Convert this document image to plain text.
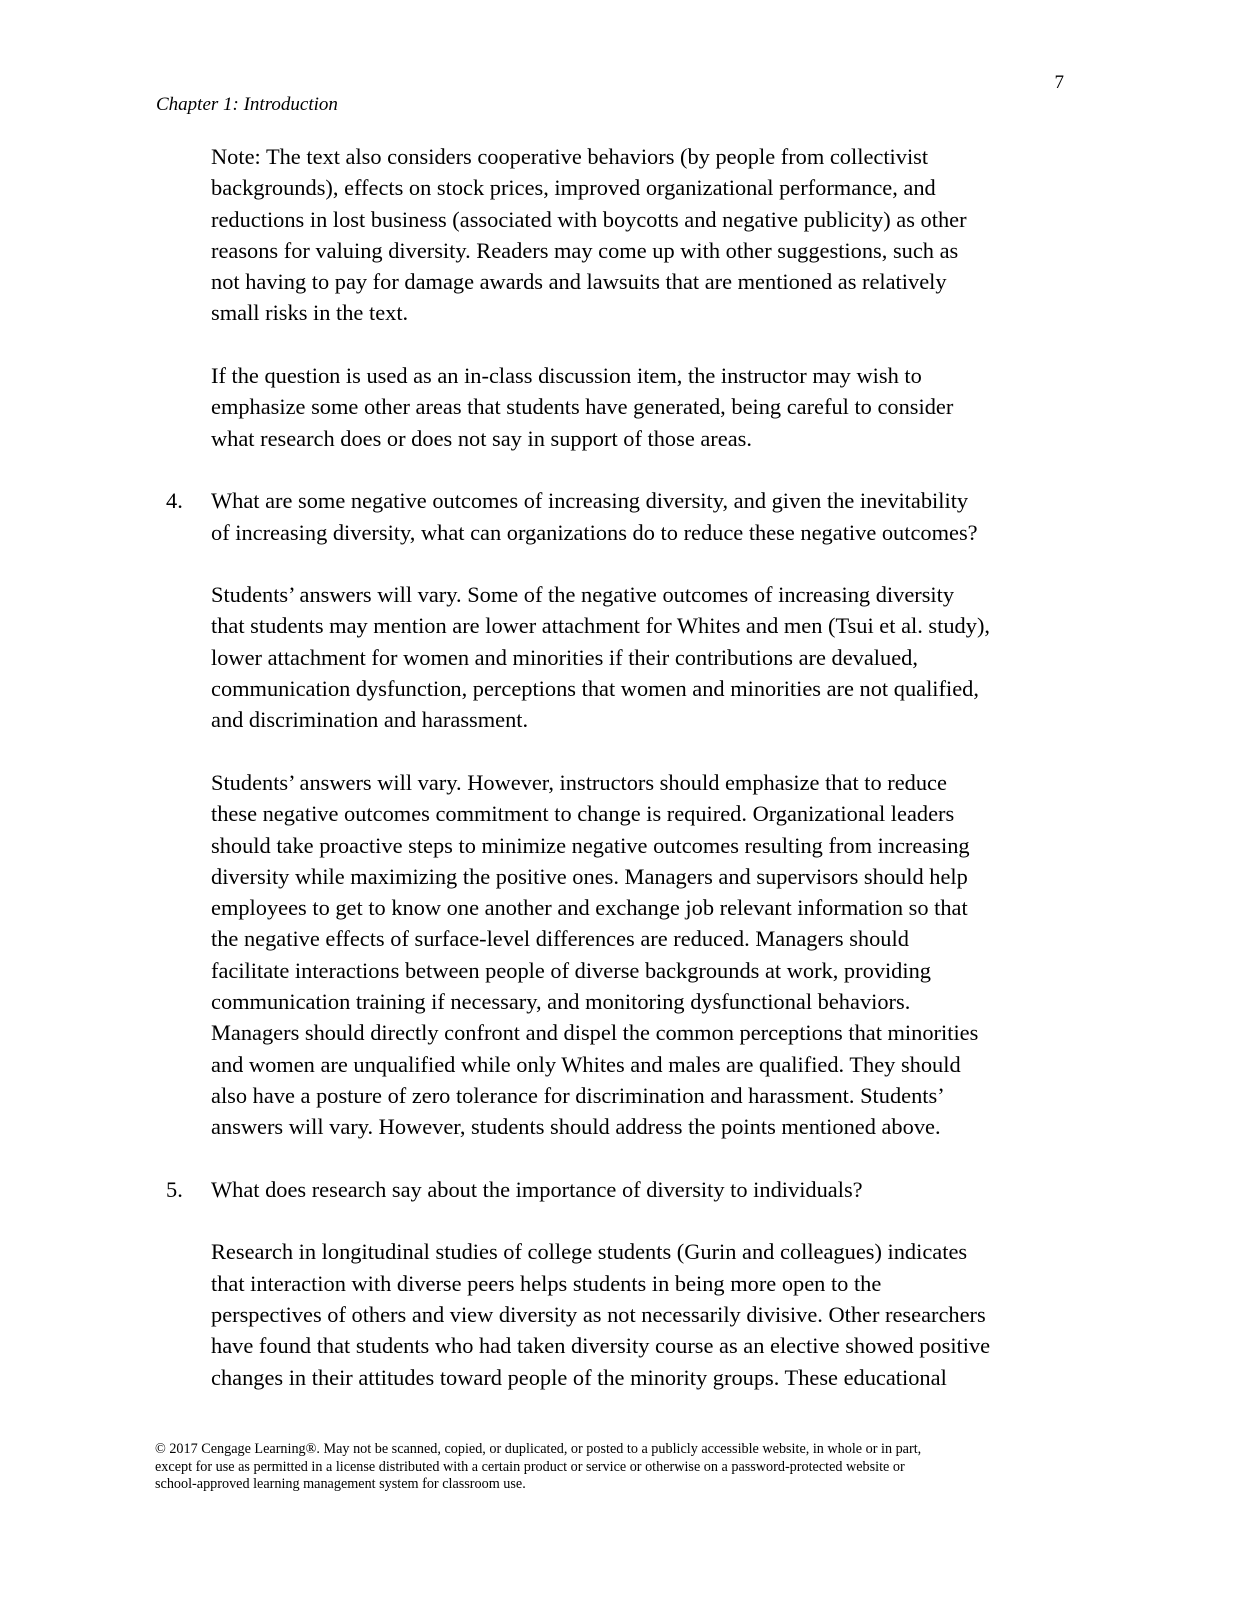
7
Chapter 1: Introduction
Note: The text also considers cooperative behaviors (by people from collectivist
backgrounds), effects on stock prices, improved organizational performance, and
reductions in lost business (associated with boycotts and negative publicity) as other
reasons for valuing diversity. Readers may come up with other suggestions, such as
not having to pay for damage awards and lawsuits that are mentioned as relatively
small risks in the text.
If the question is used as an in-class discussion item, the instructor may wish to
emphasize some other areas that students have generated, being careful to consider
what research does or does not say in support of those areas.
4. What are some negative outcomes of increasing diversity, and given the inevitability
of increasing diversity, what can organizations do to reduce these negative outcomes?
Students’ answers will vary. Some of the negative outcomes of increasing diversity
that students may mention are lower attachment for Whites and men (Tsui et al. study),
lower attachment for women and minorities if their contributions are devalued,
communication dysfunction, perceptions that women and minorities are not qualified,
and discrimination and harassment.
Students’ answers will vary. However, instructors should emphasize that to reduce
these negative outcomes commitment to change is required. Organizational leaders
should take proactive steps to minimize negative outcomes resulting from increasing
diversity while maximizing the positive ones. Managers and supervisors should help
employees to get to know one another and exchange job relevant information so that
the negative effects of surface-level differences are reduced. Managers should
facilitate interactions between people of diverse backgrounds at work, providing
communication training if necessary, and monitoring dysfunctional behaviors.
Managers should directly confront and dispel the common perceptions that minorities
and women are unqualified while only Whites and males are qualified. They should
also have a posture of zero tolerance for discrimination and harassment. Students’
answers will vary. However, students should address the points mentioned above.
5. What does research say about the importance of diversity to individuals?
Research in longitudinal studies of college students (Gurin and colleagues) indicates
that interaction with diverse peers helps students in being more open to the
perspectives of others and view diversity as not necessarily divisive. Other researchers
have found that students who had taken diversity course as an elective showed positive
changes in their attitudes toward people of the minority groups. These educational

© 2017 Cengage Learning®. May not be scanned, copied, or duplicated, or posted to a publicly accessible website, in whole or in part,

except for use as permitted in a license distributed with a certain product or service or otherwise on a password-protected website or

school-approved learning management system for classroom use.
